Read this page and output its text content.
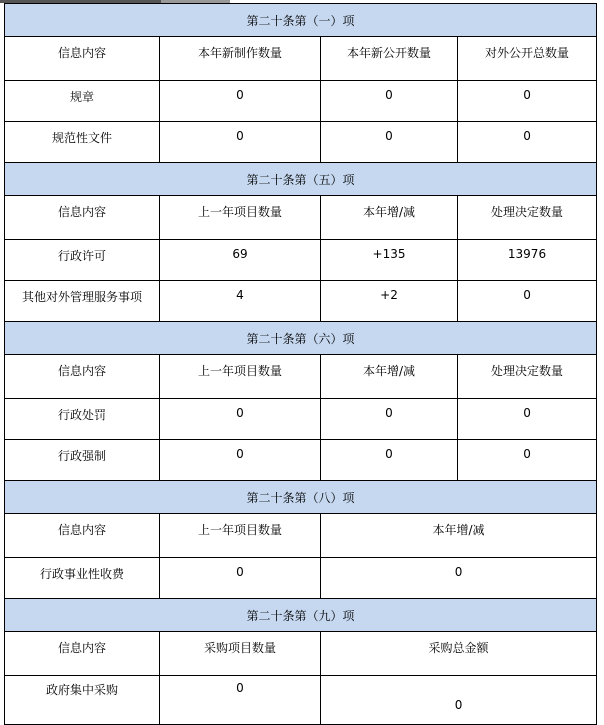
第二十条第（一）项			
信息内容	本年新制作数量	本年新公开数量	对外公开总数量
规章	0	0	0
规范性文件	0	0	0
第二十条第（五）项			
信息内容	上一年项目数量	本年增/减	处理决定数量
行政许可	69	+135	13976
其他对外管理服务事项	4	+2	0
第二十条第（六）项			
信息内容	上一年项目数量	本年增/减	处理决定数量
行政处罚	0	0	0
行政强制	0	0	0
第二十条第（八）项			
信息内容	上一年项目数量	本年增/减	
行政事业性收费	0	0	
第二十条第（九）项			
信息内容	采购项目数量	采购总金额	
政府集中采购	0	0	
